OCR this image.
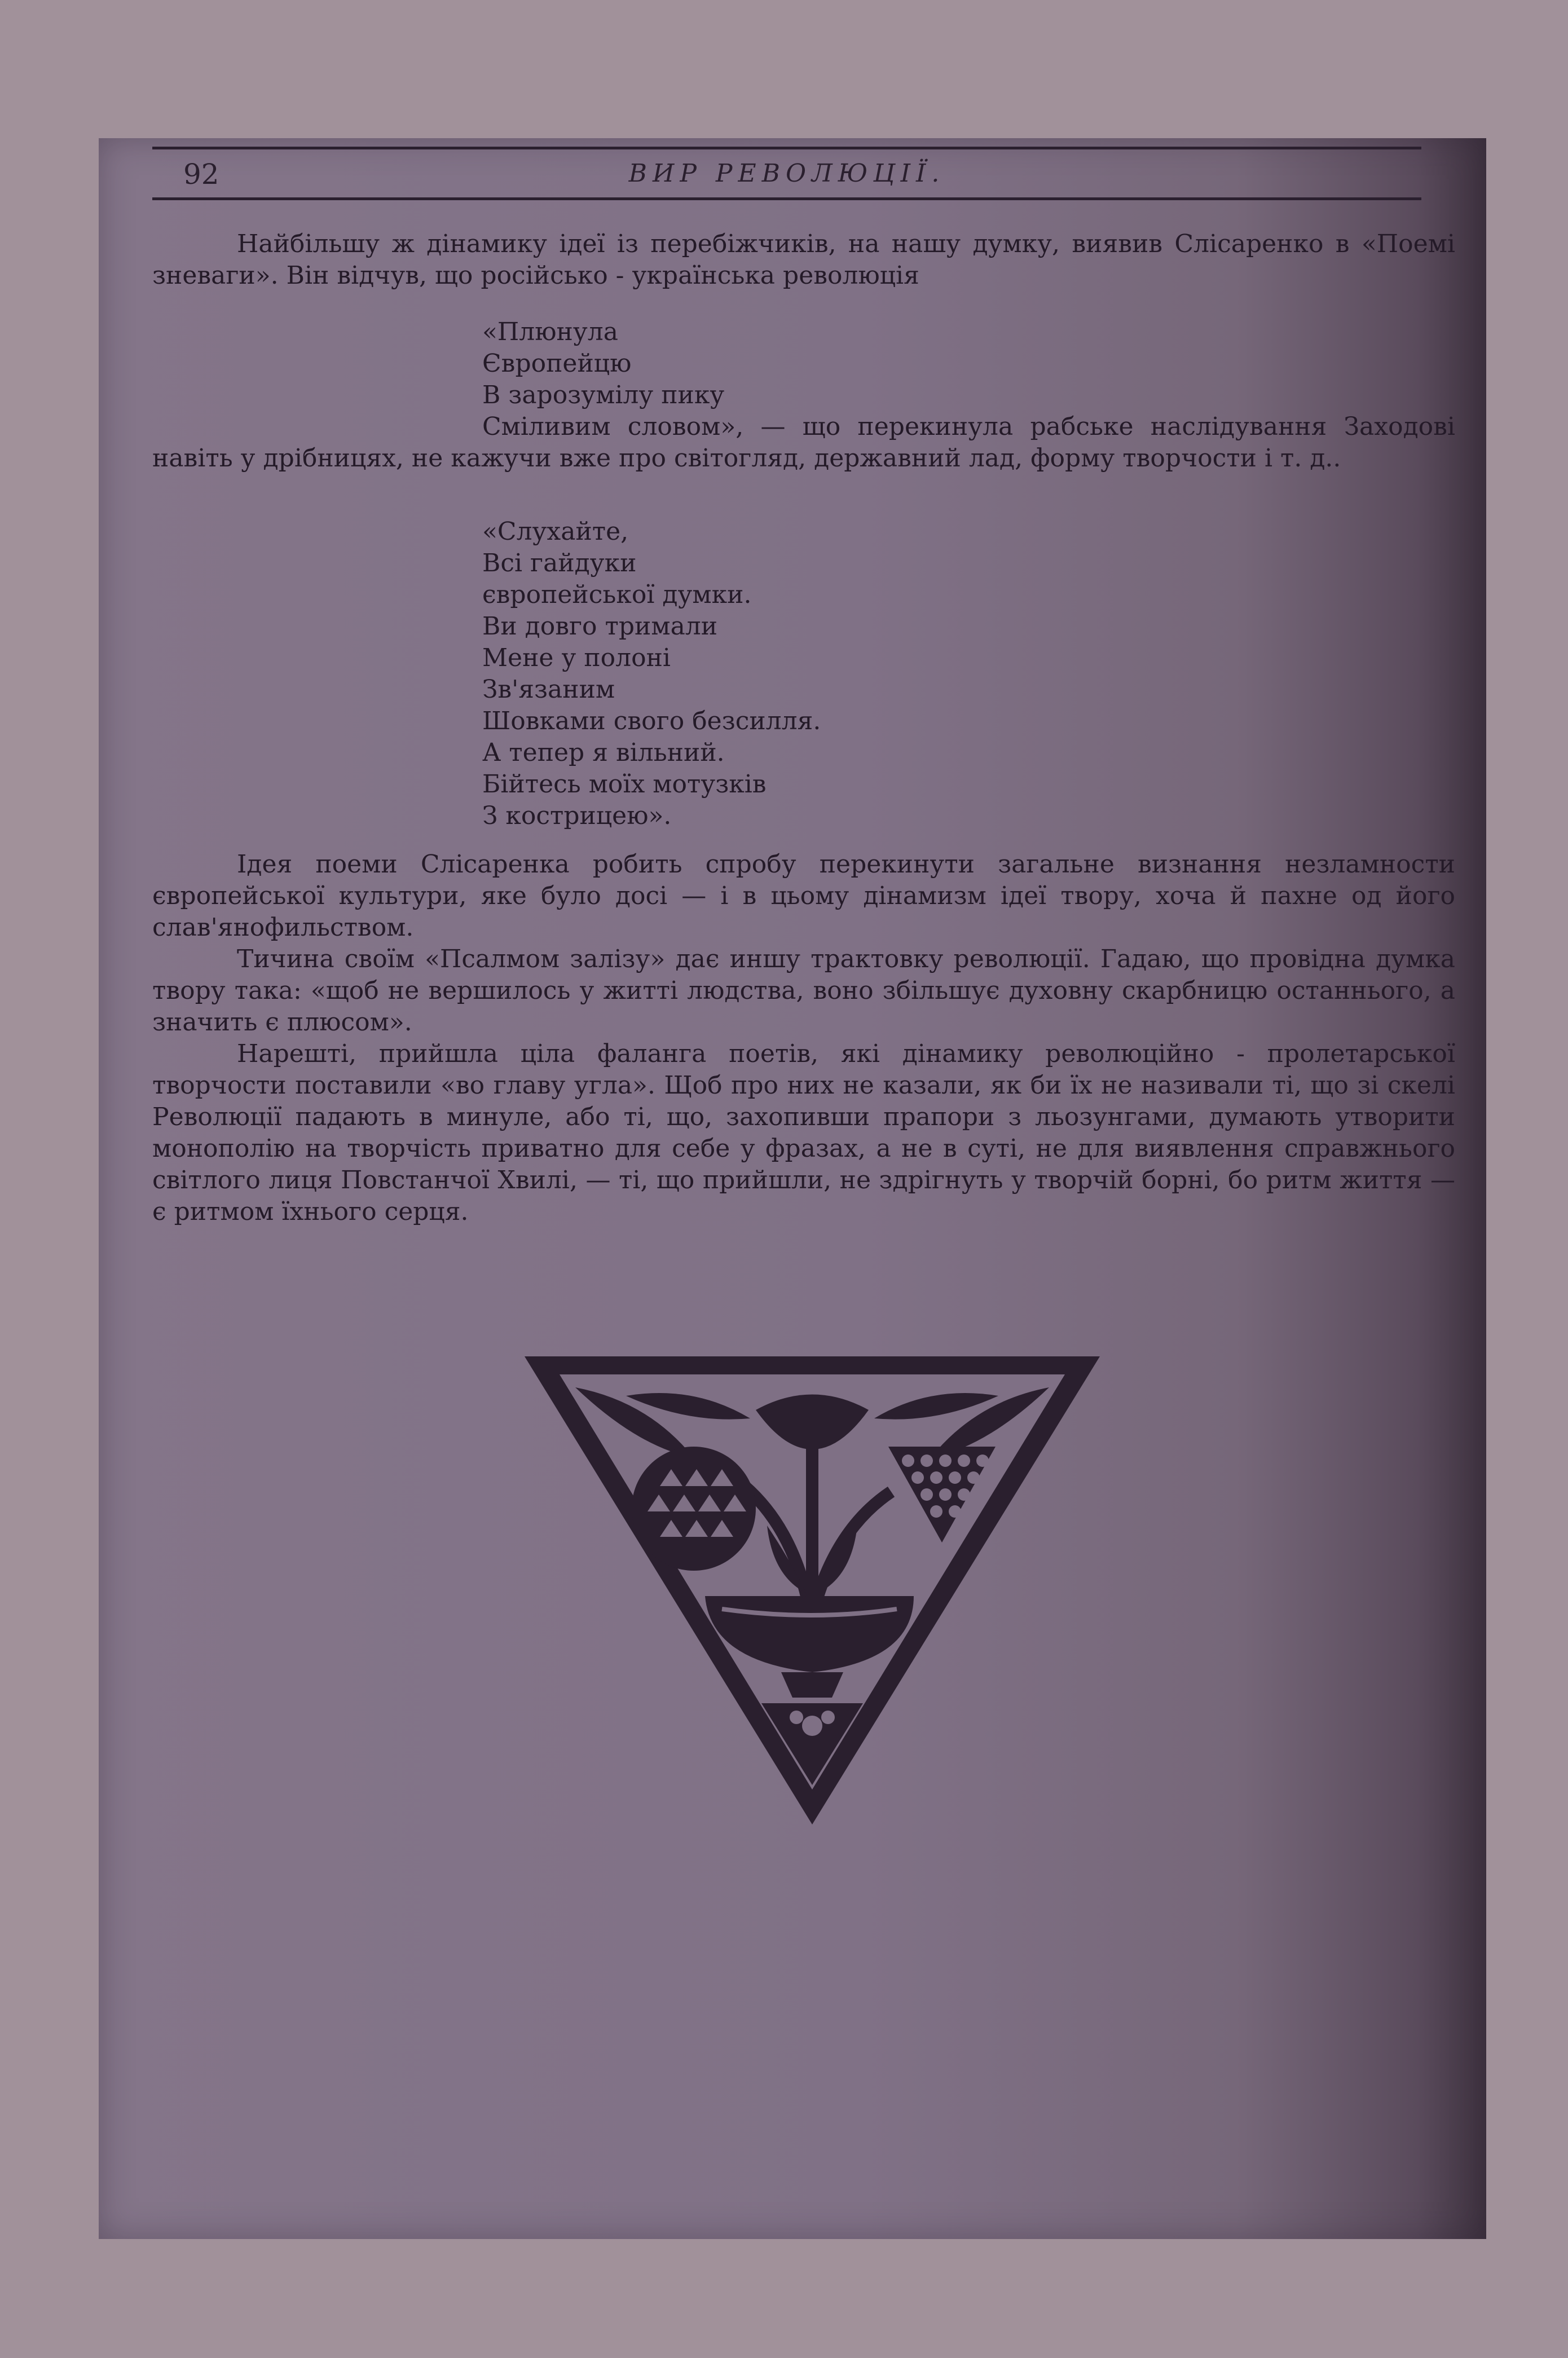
92	ВИР РЕВОЛЮЦІЇ.

Найбільшу ж дінамику ідеї із перебіжчиків, на нашу думку, виявив Слісаренко в «Поемі зневаги». Він відчув, що російсько - українська революція

«Плюнула
Європейцю
В зарозумілу пику

Сміливим словом», — що перекинула рабське наслідування Заходові навіть у дрібницях, не кажучи вже про світогляд, державний лад, форму творчости і т. д..

«Слухайте,
Всі гайдуки
європейської думки.
Ви довго тримали
Мене у полоні
Зв'язаним
Шовками свого безсилля.
А тепер я вільний.
Бійтесь моїх мотузків
З кострицею».

Ідея поеми Слісаренка робить спробу перекинути загальне визнання незламности європейської культури, яке було досі — і в цьому дінамизм ідеї твору, хоча й пахне од його слав'янофильством.

Тичина своїм «Псалмом залізу» дає иншу трактовку революції. Гадаю, що провідна думка твору така: «щоб не вершилось у житті людства, воно збільшує духовну скарбницю останнього, а значить є плюсом».

Нарешті, прийшла ціла фаланга поетів, які дінамику революційно - пролетарської творчости поставили «во главу угла». Щоб про них не казали, як би їх не називали ті, що зі скелі Революції падають в минуле, або ті, що, захопивши прапори з льозунгами, думають утворити монополію на творчість приватно для себе у фразах, а не в суті, не для виявлення справжнього світлого лиця Повстанчої Хвилі, — ті, що прийшли, не здрігнуть у творчій борні, бо ритм життя — є ритмом їхнього серця.
